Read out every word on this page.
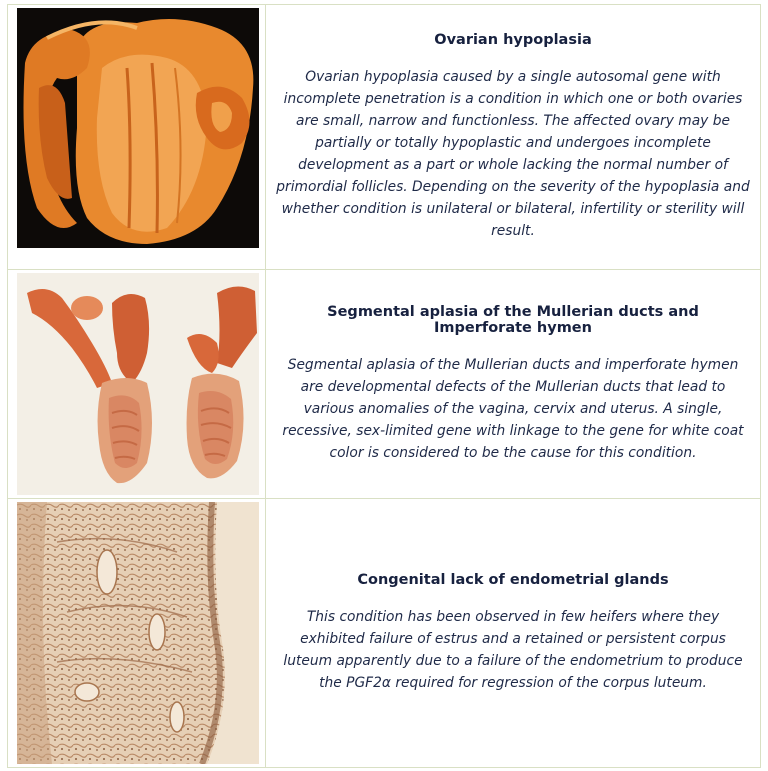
Ovarian hypoplasia

Ovarian hypoplasia caused by a single autosomal gene with incomplete penetration is a condition in which one or both ovaries are small, narrow and functionless. The affected ovary may be partially or totally hypoplastic and undergoes incomplete development as a part or whole lacking the normal number of primordial follicles. Depending on the severity of the hypoplasia and whether condition is unilateral or bilateral, infertility or sterility will result.

Segmental aplasia of the Mullerian ducts and Imperforate hymen

Segmental aplasia of the Mullerian ducts and imperforate hymen are developmental defects of the Mullerian ducts that lead to various anomalies of the vagina, cervix and uterus. A single, recessive, sex-limited gene with linkage to the gene for white coat color is considered to be the cause for this condition.

Congenital lack of endometrial glands

This condition has been observed in few heifers where they exhibited failure of estrus and a retained or persistent corpus luteum apparently due to a failure of the endometrium to produce the PGF2α required for regression of the corpus luteum.
